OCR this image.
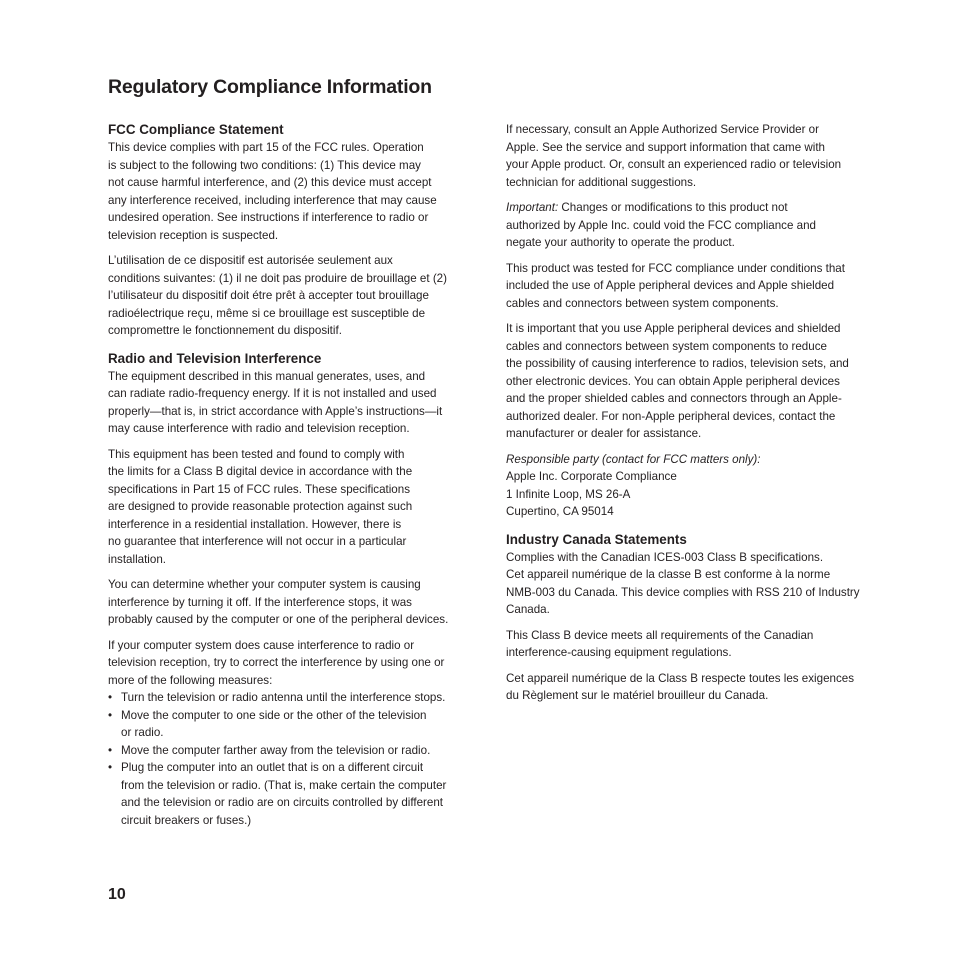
Regulatory Compliance Information
FCC Compliance Statement

This device complies with part 15 of the FCC rules. Operation
is subject to the following two conditions: (1) This device may
not cause harmful interference, and (2) this device must accept
any interference received, including interference that may cause
undesired operation. See instructions if interference to radio or
television reception is suspected.

L’utilisation de ce dispositif est autorisée seulement aux
conditions suivantes: (1) il ne doit pas produire de brouillage et (2)
l’utilisateur du dispositif doit étre prêt à accepter tout brouillage
radioélectrique reçu, même si ce brouillage est susceptible de
compromettre le fonctionnement du dispositif.

Radio and Television Interference

The equipment described in this manual generates, uses, and
can radiate radio-frequency energy. If it is not installed and used
properly—that is, in strict accordance with Apple’s instructions—it
may cause interference with radio and television reception.

This equipment has been tested and found to comply with
the limits for a Class B digital device in accordance with the
specifications in Part 15 of FCC rules. These specifications
are designed to provide reasonable protection against such
interference in a residential installation. However, there is
no guarantee that interference will not occur in a particular
installation.

You can determine whether your computer system is causing
interference by turning it off. If the interference stops, it was
probably caused by the computer or one of the peripheral devices.

If your computer system does cause interference to radio or
television reception, try to correct the interference by using one or
more of the following measures:

• Turn the television or radio antenna until the interference stops.
• Move the computer to one side or the other of the television
or radio.
• Move the computer farther away from the television or radio.
• Plug the computer into an outlet that is on a different circuit
from the television or radio. (That is, make certain the computer
and the television or radio are on circuits controlled by different
circuit breakers or fuses.)

If necessary, consult an Apple Authorized Service Provider or
Apple. See the service and support information that came with
your Apple product. Or, consult an experienced radio or television
technician for additional suggestions.

Important: Changes or modifications to this product not
authorized by Apple Inc. could void the FCC compliance and
negate your authority to operate the product.

This product was tested for FCC compliance under conditions that
included the use of Apple peripheral devices and Apple shielded
cables and connectors between system components.

It is important that you use Apple peripheral devices and shielded
cables and connectors between system components to reduce
the possibility of causing interference to radios, television sets, and
other electronic devices. You can obtain Apple peripheral devices
and the proper shielded cables and connectors through an Apple-
authorized dealer. For non-Apple peripheral devices, contact the
manufacturer or dealer for assistance.

Responsible party (contact for FCC matters only):
Apple Inc. Corporate Compliance
1 Infinite Loop, MS 26-A
Cupertino, CA 95014
Industry Canada Statements

Complies with the Canadian ICES-003 Class B specifications.
Cet appareil numérique de la classe B est conforme à la norme
NMB-003 du Canada. This device complies with RSS 210 of Industry
Canada.

This Class B device meets all requirements of the Canadian
interference-causing equipment regulations.

Cet appareil numérique de la Class B respecte toutes les exigences
du Règlement sur le matériel brouilleur du Canada.

10
